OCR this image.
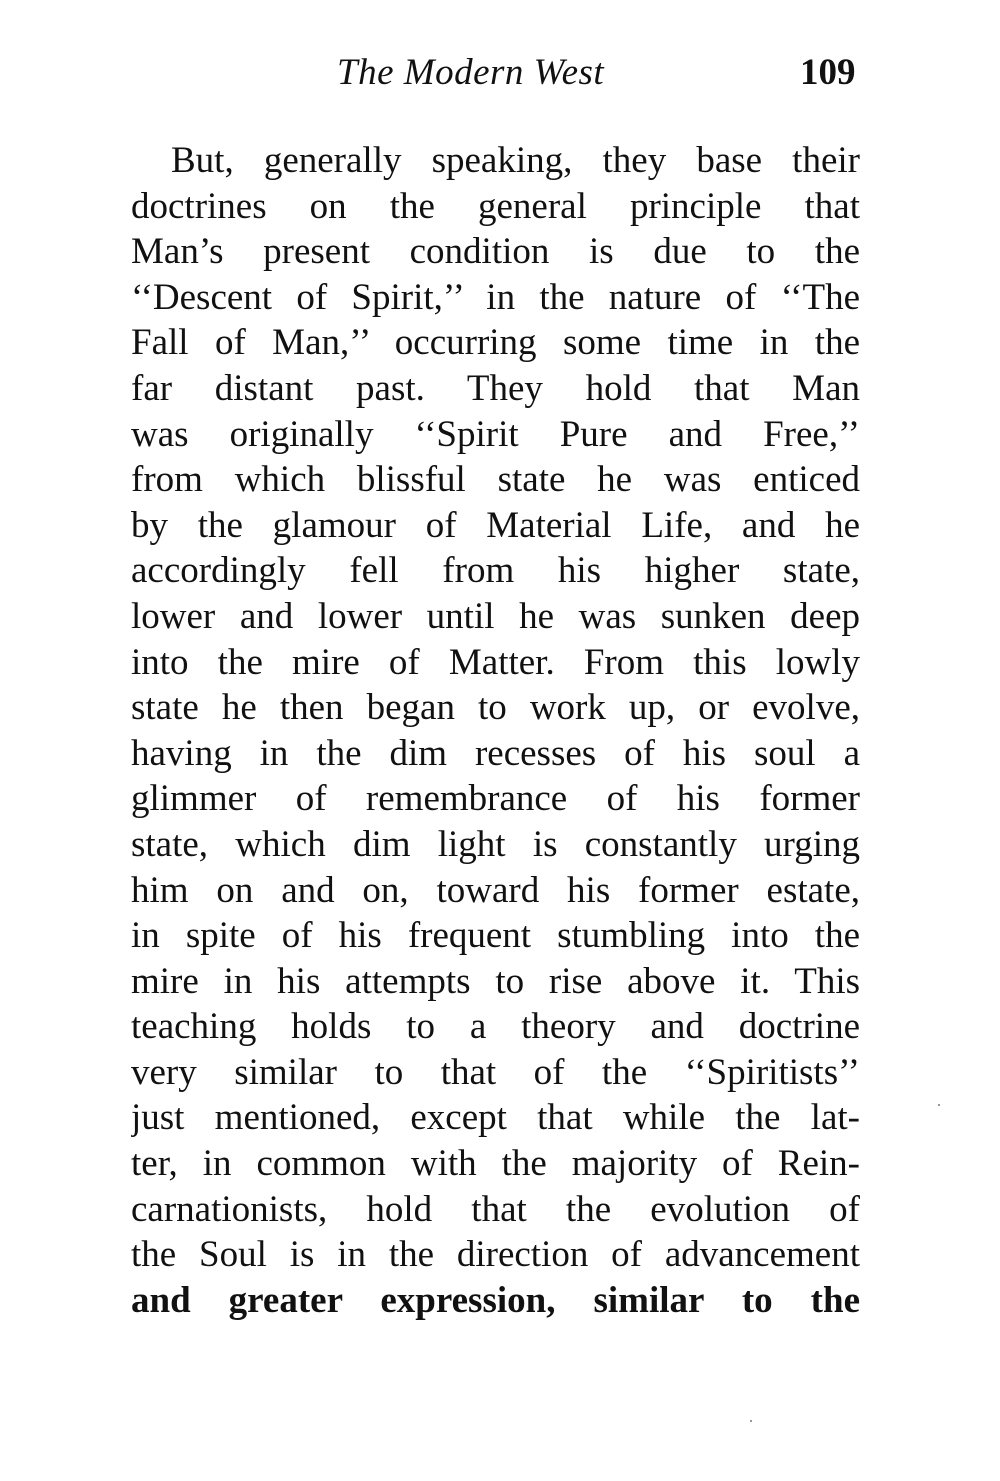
The Modern West	109
But, generally speaking, they base their
doctrines on the general principle that
Man’s present condition is due to the
‘‘Descent of Spirit,’’ in the nature of ‘‘The
Fall of Man,’’ occurring some time in the
far distant past. They hold that Man
was originally ‘‘Spirit Pure and Free,’’
from which blissful state he was enticed
by the glamour of Material Life, and he
accordingly fell from his higher state,
lower and lower until he was sunken deep
into the mire of Matter. From this lowly
state he then began to work up, or evolve,
having in the dim recesses of his soul a
glimmer of remembrance of his former
state, which dim light is constantly urging
him on and on, toward his former estate,
in spite of his frequent stumbling into the
mire in his attempts to rise above it. This
teaching holds to a theory and doctrine
very similar to that of the ‘‘Spiritists’’
just mentioned, except that while the lat-
ter, in common with the majority of Rein-
carnationists, hold that the evolution of
the Soul is in the direction of advancement
and greater expression, similar to the
